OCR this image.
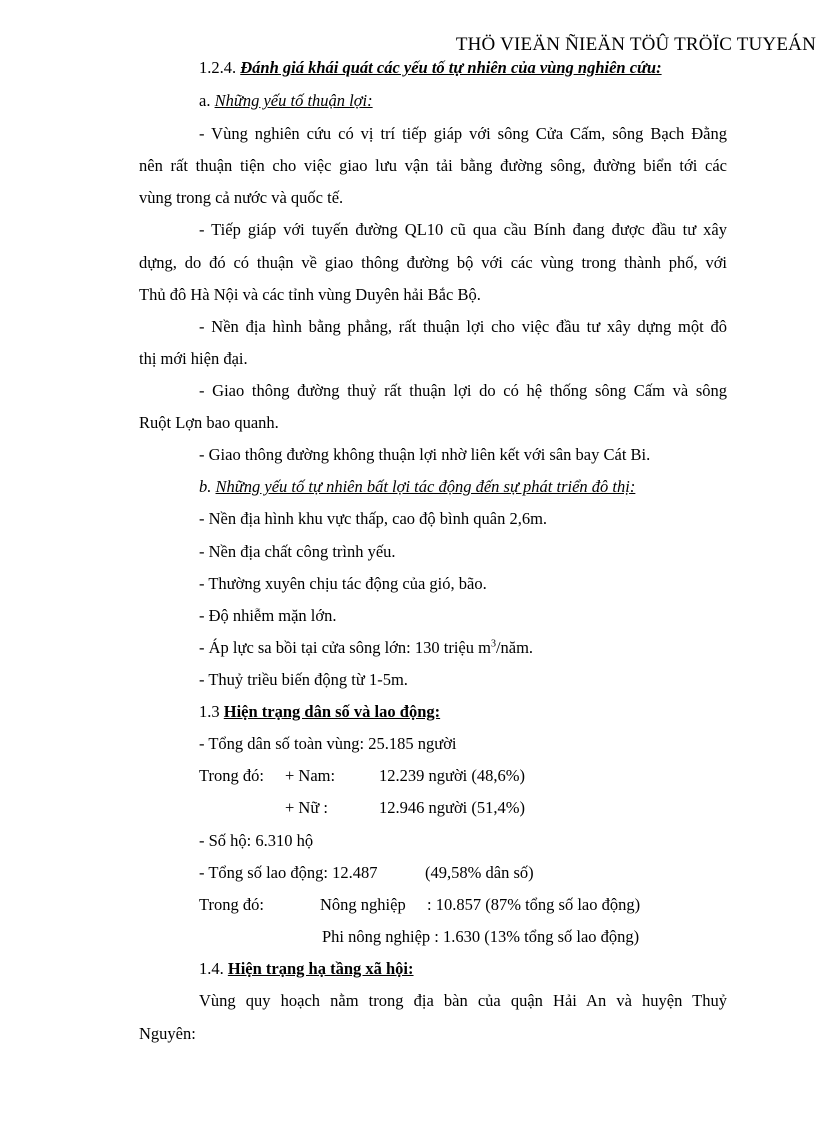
THÖ VIEÄN ÑIEÄN TÖÛ TRÖÏC TUYEÁN
1.2.4. Đánh giá khái quát các yếu tố tự nhiên của vùng nghiên cứu:
a. Những yếu tố thuận lợi:
- Vùng nghiên cứu có vị trí tiếp giáp với sông Cửa Cấm, sông Bạch Đằng
nên rất thuận tiện cho việc giao lưu vận tải bằng đường sông, đường biển tới các
vùng trong cả nước và quốc tế.
- Tiếp giáp với tuyến đường QL10 cũ qua cầu Bính đang được đầu tư xây
dựng, do đó có thuận về giao thông đường bộ với các vùng trong thành phố, với
Thủ đô Hà Nội và các tỉnh vùng Duyên hải Bắc Bộ.
- Nền địa hình bằng phẳng, rất thuận lợi cho việc đầu tư xây dựng một đô
thị mới hiện đại.
- Giao thông đường thuỷ rất thuận lợi do có hệ thống sông Cấm và sông
Ruột Lợn bao quanh.
- Giao thông đường không thuận lợi nhờ liên kết với sân bay Cát Bi.
b. Những yếu tố tự nhiên bất lợi tác động đến sự phát triển đô thị:
- Nền địa hình khu vực thấp, cao độ bình quân 2,6m.
- Nền địa chất công trình yếu.
- Thường xuyên chịu tác động của gió, bão.
- Độ nhiễm mặn lớn.
- Áp lực sa bồi tại cửa sông lớn: 130 triệu $m^3$/năm.
- Thuỷ triều biến động từ 1-5m.
1.3 Hiện trạng dân số và lao động:
- Tổng dân số toàn vùng: 25.185 người
Trong đó: + Nam:	12.239 người (48,6%)
+ Nữ :	12.946 người (51,4%)
- Số hộ: 6.310 hộ
- Tổng số lao động: 12.487	(49,58% dân số)
Trong đó:	Nông nghiệp : 10.857 (87% tổng số lao động)
Phi nông nghiệp : 1.630 (13% tổng số lao động)
1.4. Hiện trạng hạ tầng xã hội:
Vùng quy hoạch nằm trong địa bàn của quận Hải An và huyện Thuỷ
Nguyên:
